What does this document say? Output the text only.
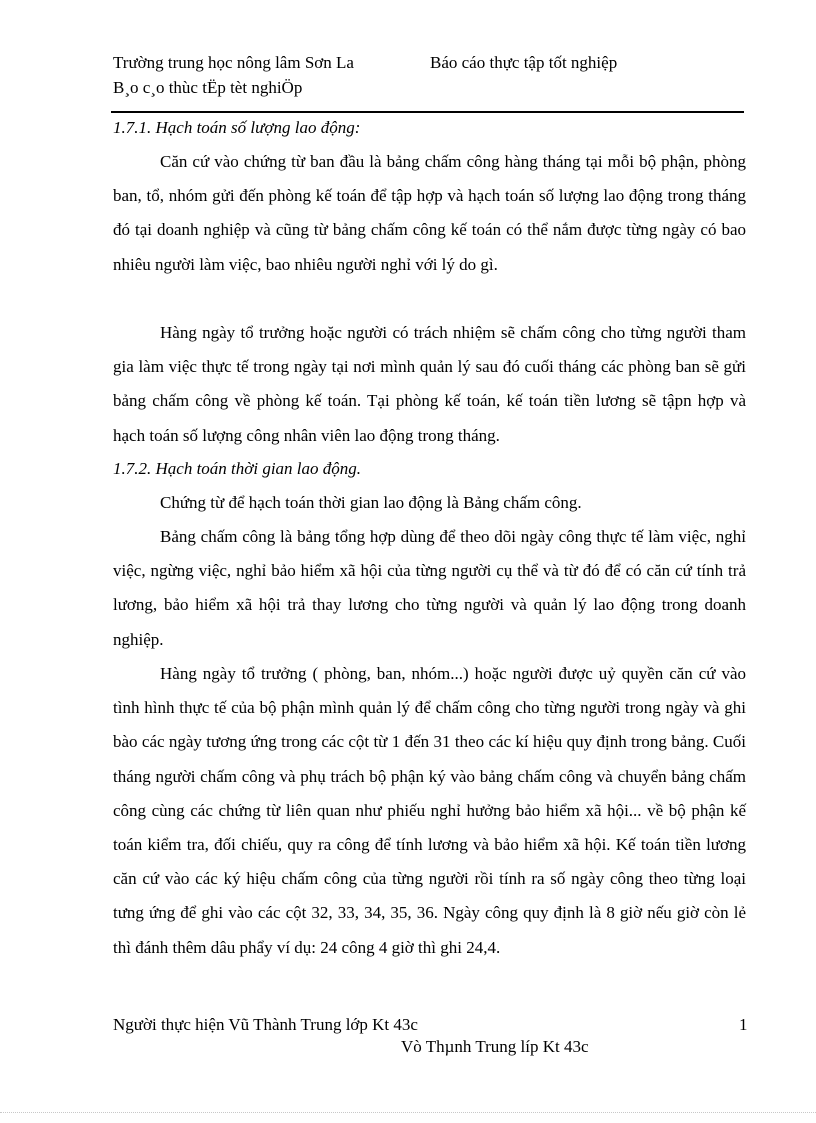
Trường trung học nông lâm Sơn La	Báo cáo thực tập tốt nghiệp
B¸o c¸o thùc tËp tèt nghiÖp
1.7.1. Hạch toán số lượng lao động:

Căn cứ vào chứng từ ban đầu là bảng chấm công hàng tháng tại mỗi bộ phận, phòng ban, tổ, nhóm gửi đến phòng kế toán để tập hợp và hạch toán số lượng lao động trong tháng đó tại doanh nghiệp và cũng từ bảng chấm công kế toán có thể nắm được từng ngày có bao nhiêu người làm việc, bao nhiêu người nghỉ với lý do gì.

Hàng ngày tổ trưởng hoặc người có trách nhiệm sẽ chấm công cho từng người tham gia làm việc thực tế trong ngày tại nơi mình quản lý sau đó cuối tháng các phòng ban sẽ gửi bảng chấm công về phòng kế toán. Tại phòng kế toán, kế toán tiền lương sẽ tậpn hợp và hạch toán số lượng công nhân viên lao động trong tháng.

1.7.2. Hạch toán thời gian lao động.

Chứng từ để hạch toán thời gian lao động là Bảng chấm công.

Bảng chấm công là bảng tổng hợp dùng để theo dõi ngày công thực tế làm việc, nghỉ việc, ngừng việc, nghỉ bảo hiểm xã hội của từng người cụ thể và từ đó để có căn cứ tính trả lương, bảo hiểm xã hội trả thay lương cho từng người và quản lý lao động trong doanh nghiệp.

Hàng ngày tổ trưởng ( phòng, ban, nhóm...) hoặc người được uỷ quyền căn cứ vào tình hình thực tế của bộ phận mình quản lý để chấm công cho từng người trong ngày và ghi bào các ngày tương ứng trong các cột từ 1 đến 31 theo các kí hiệu quy định trong bảng. Cuối tháng người chấm công và phụ trách bộ phận ký vào bảng chấm công và chuyển bảng chấm công cùng các chứng từ liên quan như phiếu nghỉ hưởng bảo hiểm xã hội... về bộ phận kế toán kiểm tra, đối chiếu, quy ra công để tính lương và bảo hiểm xã hội. Kế toán tiền lương căn cứ vào các ký hiệu chấm công của từng người rồi tính ra số ngày công theo từng loại tưng ứng để ghi vào các cột 32, 33, 34, 35, 36. Ngày công quy định là 8 giờ nếu giờ còn lẻ thì đánh thêm dâu phẩy ví dụ: 24 công 4 giờ thì ghi 24,4.

Người thực hiện Vũ Thành Trung lớp Kt 43c	1
Vò Thµnh Trung líp Kt 43c
